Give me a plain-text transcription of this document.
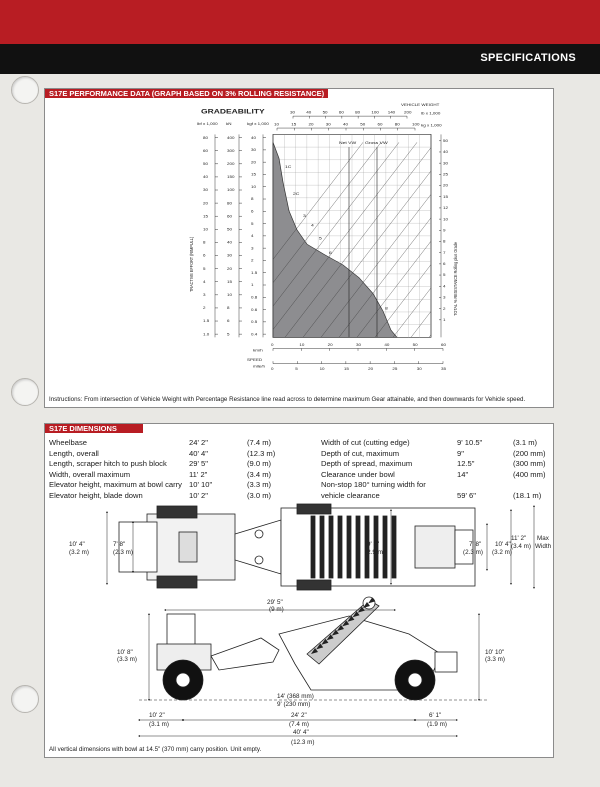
SPECIFICATIONS
S17E PERFORMANCE DATA (GRAPH BASED ON 3% ROLLING RESISTANCE)
GRADEABILITY
VEHICLE WEIGHT
lb x 1,000
kg x 1,000
30	40	50	60	80	100 140 200
10	15	20	30	40	50	60	80	100
lbf x 1,000 kN	kgf x 1,000
80
60
50
40
30
20
15
10
8
6
5
4
3
2
1.5
1.0
400
300
200
150
100
80
60
50
40
30
20
15
10
8
6
5
40
30
20
15
10
8
6
5
4
3
2
1.5
1
0.8
0.6
0.5
0.4
TRACTIVE EFFORT (RIMPULL)
Net VW Gross VW
1C
2C
3
4
5
6
8
50
40
30
25
20
15
12
10
9
8
7
6
5
4
3
2
1
TOTAL % RESISTANCE Rolling plus Grade
0	10	20	30	40	50	60
0	5	10	15	20	25	30	35
km/h
SPEED
mile/h
Instructions: From intersection of Vehicle Weight with Percentage Resistance line read across to determine maximum Gear attainable, and then downwards for Vehicle speed.
S17E DIMENSIONS
Wheelbase	24' 2"	(7.4 m)
Length, overall	40' 4"	(12.3 m)
Length, scraper hitch to push block	29' 5"	(9.0 m)
Width, overall maximum	11' 2"	(3.4 m)
Elevator height, maximum at bowl carry 10' 10"	(3.3 m)
Elevator height, blade down	10' 2"	(3.0 m)
Width of cut (cutting edge)	9' 10.5"	(3.1 m)
Depth of cut, maximum	9"	(200 mm)
Depth of spread, maximum	12.5"	(300 mm)
Clearance under bowl	14"	(400 mm)
Non-stop 180° turning width for
vehicle clearance	59' 6"	(18.1 m)
10' 4"
(3.2 m)
7' 8"
(2.3 m)
9' 8"
(2.9 m)
7' 8"
(2.3 m)
10' 4"
(3.2 m)
11' 2" Max
(3.4 m) Width
29' 5"
(9 m)
10' 8"
(3.3 m)
10' 10"
(3.3 m)
14' (368 mm)
9' (230 mm)
10' 2"
(3.1 m)
24' 2"
(7.4 m)
6' 1"
(1.9 m)
40' 4"
(12.3 m)
All vertical dimensions with bowl at 14.5" (370 mm) carry position. Unit empty.
